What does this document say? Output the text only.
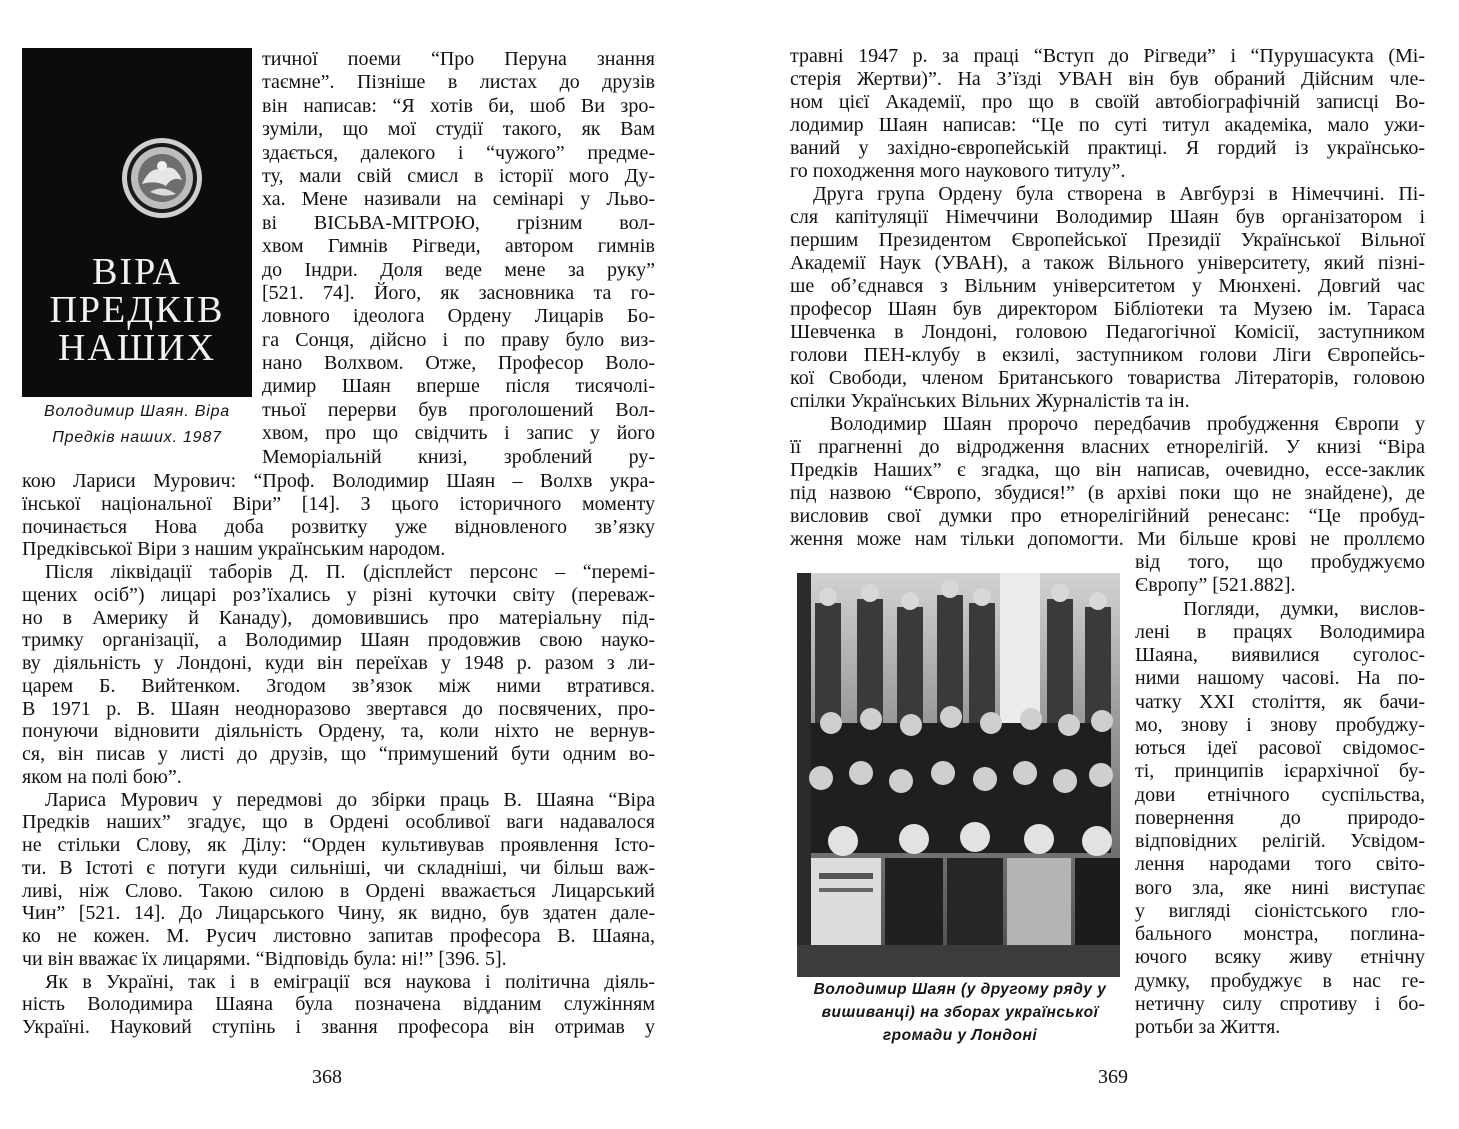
ВІРА
ПРЕДКІВ
НАШИХ
Володимир Шаян. Віра
Предків наших. 1987
тичної поеми “Про Перуна знання
таємне”. Пізніше в листах до друзів
він написав: “Я хотів би, шоб Ви зро-
зуміли, що мої студії такого, як Вам
здається, далекого і “чужого” предме-
ту, мали свій смисл в історії мого Ду-
ха. Мене називали на семінарі у Льво-
ві ВІСЬВА-МІТРОЮ, грізним вол-
хвом Гимнів Рігведи, автором гимнів
до Індри. Доля веде мене за руку”
[521. 74]. Його, як засновника та го-
ловного ідеолога Ордену Лицарів Бо-
га Сонця, дійсно і по праву було виз-
нано Волхвом. Отже, Професор Воло-
димир Шаян вперше після тисячолі-
тньої перерви був проголошений Вол-
хвом, про що свідчить і запис у його
Меморіальній книзі, зроблений ру-
кою Лариси Мурович: “Проф. Володимир Шаян – Волхв укра-
їнської національної Віри” [14]. З цього історичного моменту
починається Нова доба розвитку уже відновленого зв’язку
Предківської Віри з нашим українським народом.
Після ліквідації таборів Д. П. (дісплейст персонс – “перемі-
щених осіб”) лицарі роз’їхались у різні куточки світу (переваж-
но в Америку й Канаду), домовившись про матеріальну під-
тримку організації, а Володимир Шаян продовжив свою науко-
ву діяльність у Лондоні, куди він переїхав у 1948 р. разом з ли-
царем Б. Вийтенком. Згодом зв’язок між ними втратився.
В 1971 р. В. Шаян неодноразово звертався до посвячених, про-
понуючи відновити діяльність Ордену, та, коли ніхто не вернув-
ся, він писав у листі до друзів, що “примушений бути одним во-
яком на полі бою”.
Лариса Мурович у передмові до збірки праць В. Шаяна “Віра
Предків наших” згадує, що в Ордені особливої ваги надавалося
не стільки Слову, як Ділу: “Орден культивував проявлення Істо-
ти. В Істоті є потуги куди сильніші, чи складніші, чи більш важ-
ливі, ніж Слово. Такою силою в Ордені вважається Лицарський
Чин” [521. 14]. До Лицарського Чину, як видно, був здатен дале-
ко не кожен. М. Русич листовно запитав професора В. Шаяна,
чи він вважає їх лицарями. “Відповідь була: ні!” [396. 5].
Як в Україні, так і в еміграції вся наукова і політична діяль-
ність Володимира Шаяна була позначена відданим служінням
Україні. Науковий ступінь і звання професора він отримав у
368
травні 1947 р. за праці “Вступ до Рігведи” і “Пурушасукта (Мі-
стерія Жертви)”. На З’їзді УВАН він був обраний Дійсним чле-
ном цієї Академії, про що в своїй автобіографічній записці Во-
лодимир Шаян написав: “Це по суті титул академіка, мало ужи-
ваний у західно-європейській практиці. Я гордий із українсько-
го походження мого наукового титулу”.
Друга група Ордену була створена в Авгбурзі в Німеччині. Пі-
сля капітуляції Німеччини Володимир Шаян був організатором і
першим Президентом Європейської Президії Української Вільної
Академії Наук (УВАН), а також Вільного університету, який пізні-
ше об’єднався з Вільним університетом у Мюнхені. Довгий час
професор Шаян був директором Бібліотеки та Музею ім. Тараса
Шевченка в Лондоні, головою Педагогічної Комісії, заступником
голови ПЕН-клубу в екзилі, заступником голови Ліги Європейсь-
кої Свободи, членом Британського товариства Літераторів, головою
спілки Українських Вільних Журналістів та ін.
Володимир Шаян пророчо передбачив пробудження Європи у
її прагненні до відродження власних етнорелігій. У книзі “Віра
Предків Наших” є згадка, що він написав, очевидно, ессе-заклик
під назвою “Європо, збудися!” (в архіві поки що не знайдене), де
висловив свої думки про етнорелігійний ренесанс: “Це пробуд-
ження може нам тільки допомогти. Ми більше крові не проллємо
Володимир Шаян (у другому ряду у
вишиванці) на зборах української
громади у Лондоні
від того, що пробуджуємо
Європу” [521.882].
Погляди, думки, вислов-
лені в працях Володимира
Шаяна, виявилися суголос-
ними нашому часові. На по-
чатку XXI століття, як бачи-
мо, знову і знову пробуджу-
ються ідеї расової свідомос-
ті, принципів ієрархічної бу-
дови етнічного суспільства,
повернення до природо-
відповідних релігій. Усвідом-
лення народами того світо-
вого зла, яке нині виступає
у вигляді сіоністського гло-
бального монстра, поглина-
ючого всяку живу етнічну
думку, пробуджує в нас ге-
нетичну силу спротиву і бо-
ротьби за Життя.
369
